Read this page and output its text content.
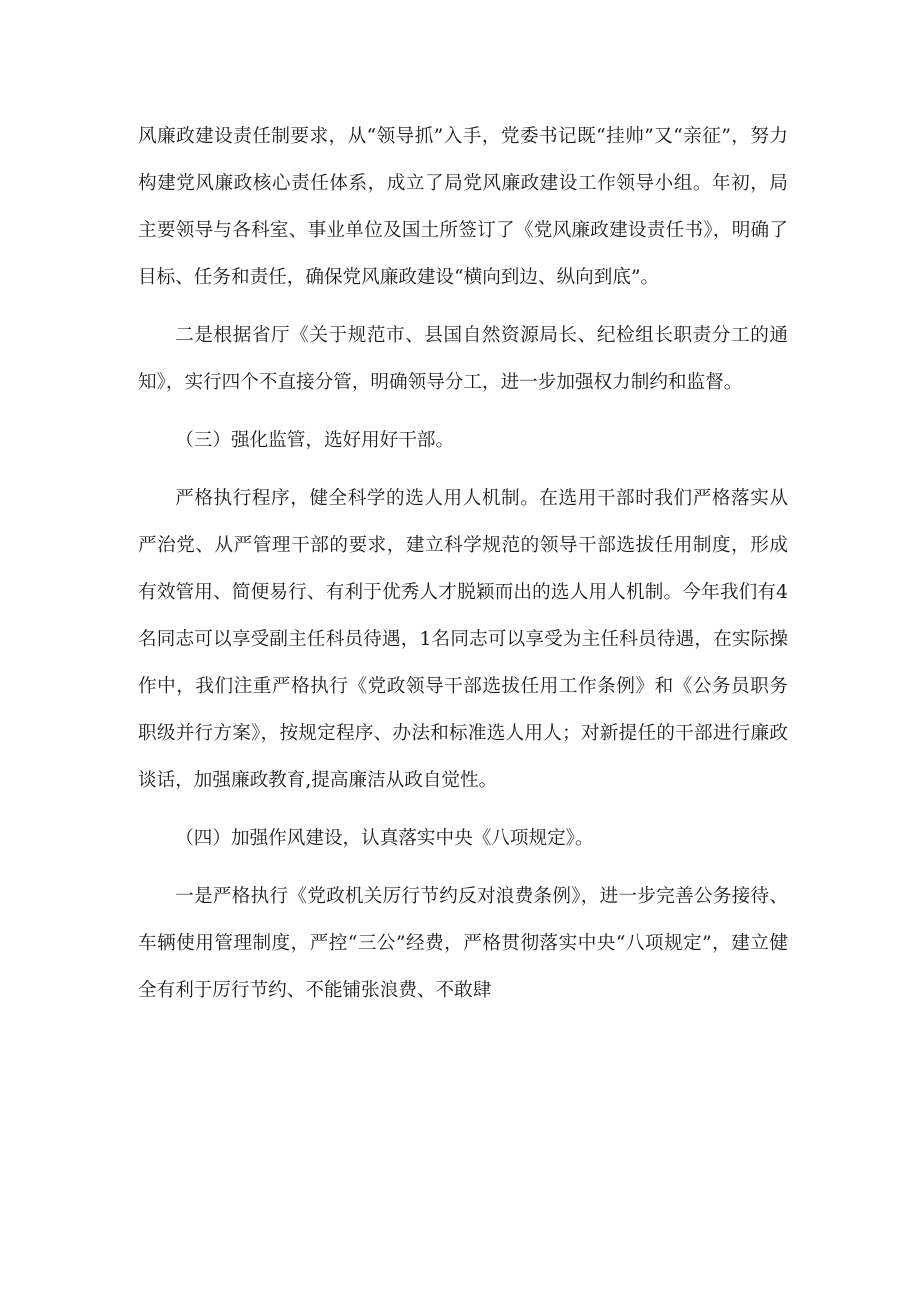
风廉政建设责任制要求，从“领导抓”入手，党委书记既“挂帅”又“亲征”，努力构建党风廉政核心责任体系，成立了局党风廉政建设工作领导小组。年初，局主要领导与各科室、事业单位及国土所签订了《党风廉政建设责任书》，明确了目标、任务和责任，确保党风廉政建设“横向到边、纵向到底”。

二是根据省厅《关于规范市、县国自然资源局长、纪检组长职责分工的通知》，实行四个不直接分管，明确领导分工，进一步加强权力制约和监督。

（三）强化监管，选好用好干部。

严格执行程序，健全科学的选人用人机制。在选用干部时我们严格落实从严治党、从严管理干部的要求，建立科学规范的领导干部选拔任用制度，形成有效管用、简便易行、有利于优秀人才脱颖而出的选人用人机制。今年我们有4名同志可以享受副主任科员待遇，1名同志可以享受为主任科员待遇，在实际操作中，我们注重严格执行《党政领导干部选拔任用工作条例》和《公务员职务职级并行方案》，按规定程序、办法和标准选人用人；对新提任的干部进行廉政谈话，加强廉政教育,提高廉洁从政自觉性。

（四）加强作风建设，认真落实中央《八项规定》。

一是严格执行《党政机关厉行节约反对浪费条例》，进一步完善公务接待、车辆使用管理制度，严控“三公”经费，严格贯彻落实中央“八项规定”，建立健全有利于厉行节约、不能铺张浪费、不敢肆
